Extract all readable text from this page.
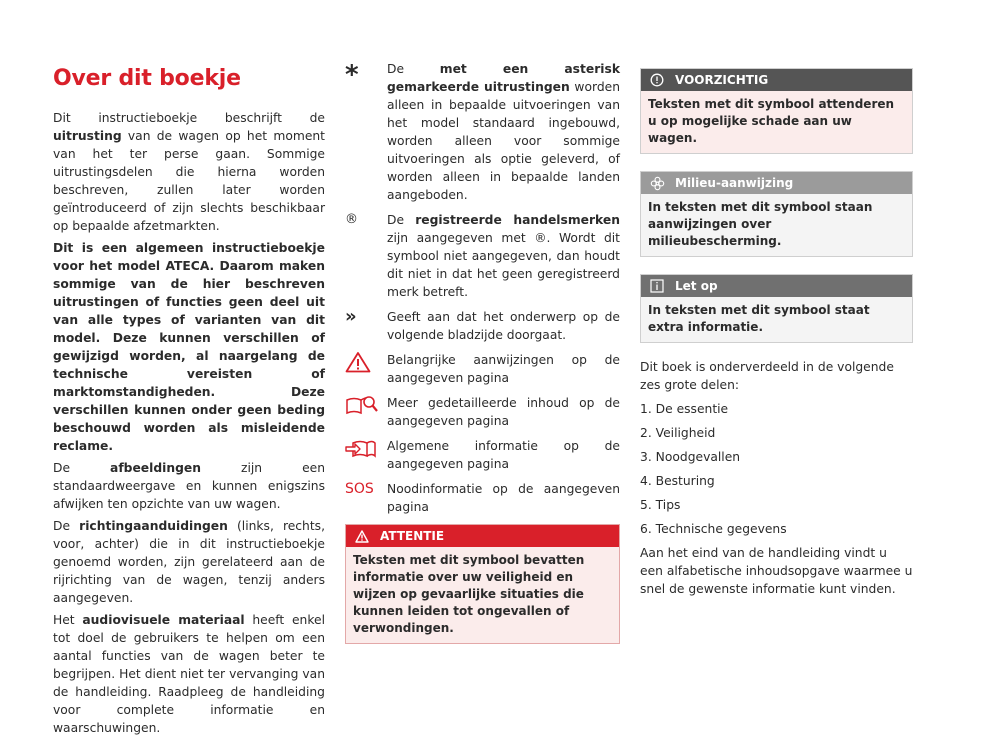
Over dit boekje

Dit instructieboekje beschrijft de uitrusting van de wagen op het moment van het ter perse gaan. Sommige uitrustingsdelen die hierna worden beschreven, zullen later worden geïntroduceerd of zijn slechts beschikbaar op bepaalde afzetmarkten.

Dit is een algemeen instructieboekje voor het model ATECA. Daarom maken sommige van de hier beschreven uitrustingen of functies geen deel uit van alle types of varianten van dit model. Deze kunnen verschillen of gewijzigd worden, al naargelang de technische vereisten of marktomstandigheden. Deze verschillen kunnen onder geen beding beschouwd worden als misleidende reclame.

De afbeeldingen zijn een standaardweergave en kunnen enigszins afwijken ten opzichte van uw wagen.

De richtingaanduidingen (links, rechts, voor, achter) die in dit instructieboekje genoemd worden, zijn gerelateerd aan de rijrichting van de wagen, tenzij anders aangegeven.

Het audiovisuele materiaal heeft enkel tot doel de gebruikers te helpen om een aantal functies van de wagen beter te begrijpen. Het dient niet ter vervanging van de handleiding. Raadpleeg de handleiding voor complete informatie en waarschuwingen.

*	De met een asterisk gemarkeerde uitrustingen worden alleen in bepaalde uitvoeringen van het model standaard ingebouwd, worden alleen voor sommige uitvoeringen als optie geleverd, of worden alleen in bepaalde landen aangeboden.
®	De registreerde handelsmerken zijn aangegeven met ®. Wordt dit symbool niet aangegeven, dan houdt dit niet in dat het geen geregistreerd merk betreft.
»	Geeft aan dat het onderwerp op de volgende bladzijde doorgaat.
Belangrijke aanwijzingen op de aangegeven pagina
Meer gedetailleerde inhoud op de aangegeven pagina
Algemene informatie op de aangegeven pagina
SOS	Noodinformatie op de aangegeven pagina
ATTENTIE
Teksten met dit symbool bevatten informatie over uw veiligheid en wijzen op gevaarlijke situaties die kunnen leiden tot ongevallen of verwondingen.
VOORZICHTIG
Teksten met dit symbool attenderen u op mogelijke schade aan uw wagen.
Milieu-aanwijzing
In teksten met dit symbool staan aanwijzingen over milieubescherming.
Let op
In teksten met dit symbool staat extra informatie.

Dit boek is onderverdeeld in de volgende zes grote delen:

1. De essentie
2. Veiligheid
3. Noodgevallen
4. Besturing
5. Tips
6. Technische gegevens

Aan het eind van de handleiding vindt u een alfabetische inhoudsopgave waarmee u snel de gewenste informatie kunt vinden.
